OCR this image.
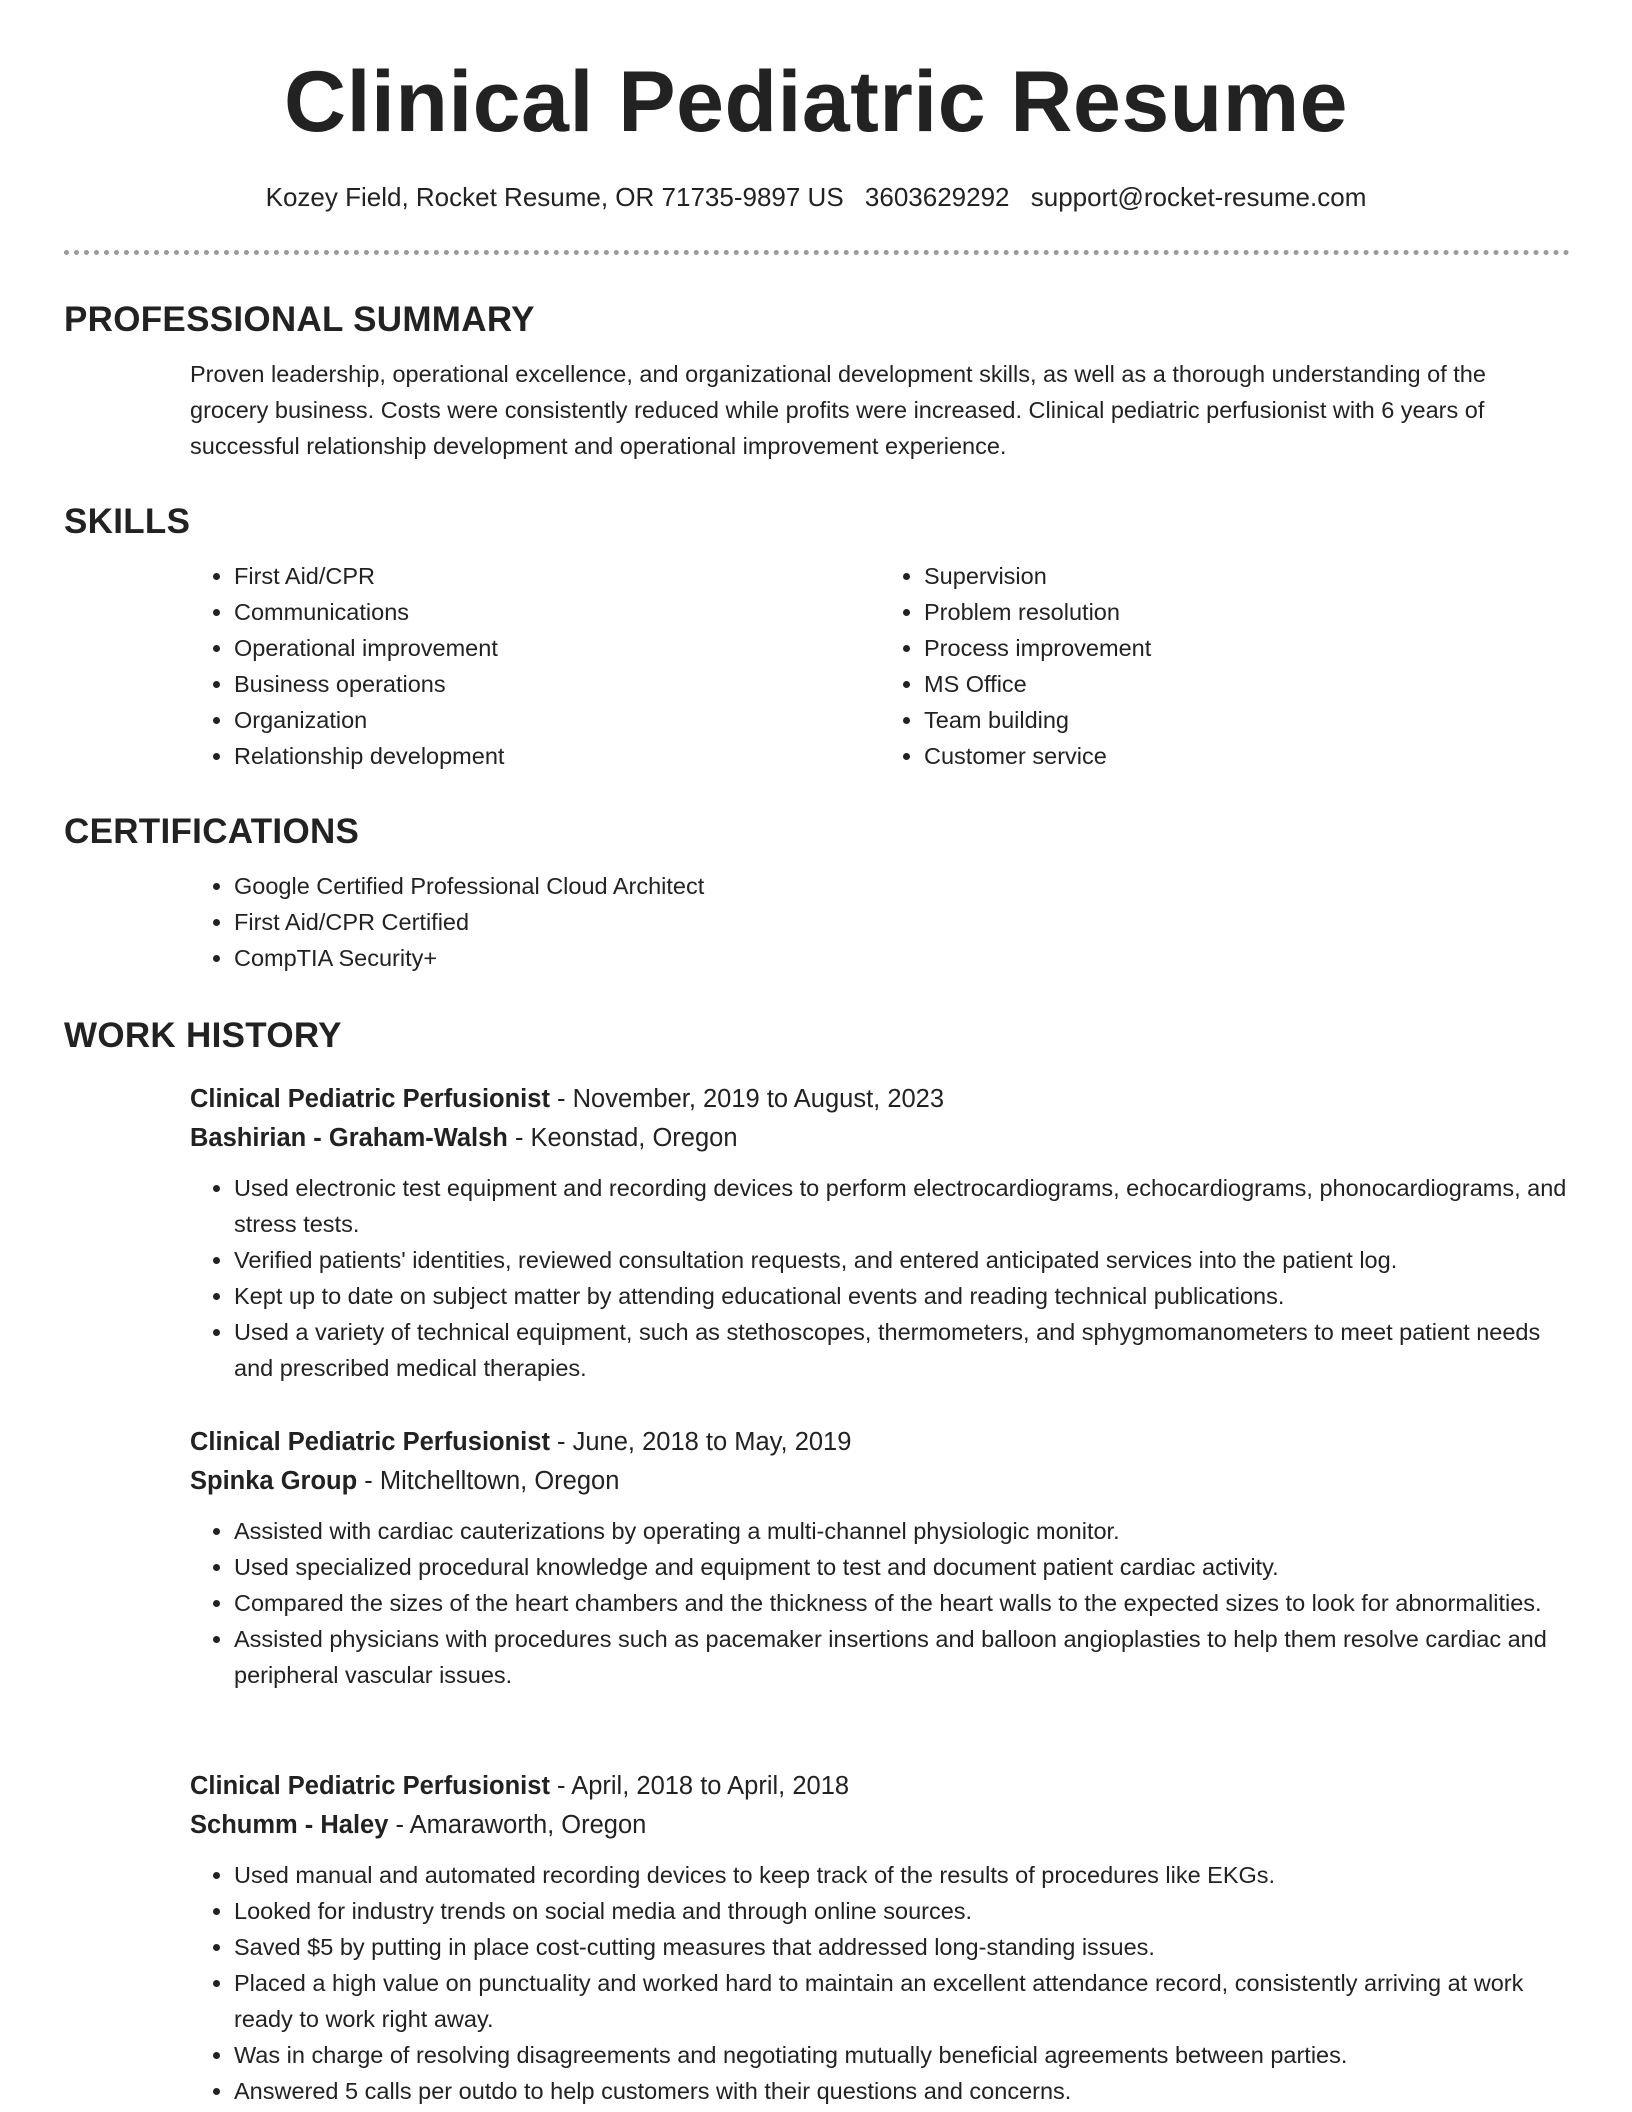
Clinical Pediatric Resume
Kozey Field, Rocket Resume, OR 71735-9897 US 3603629292 support@rocket-resume.com
PROFESSIONAL SUMMARY

Proven leadership, operational excellence, and organizational development skills, as well as a thorough understanding of the grocery business. Costs were consistently reduced while profits were increased. Clinical pediatric perfusionist with 6 years of successful relationship development and operational improvement experience.

SKILLS
• First Aid/CPR
• Communications
• Operational improvement
• Business operations
• Organization
• Relationship development
• Supervision
• Problem resolution
• Process improvement
• MS Office
• Team building
• Customer service
CERTIFICATIONS
• Google Certified Professional Cloud Architect
• First Aid/CPR Certified
• CompTIA Security+
WORK HISTORY
Clinical Pediatric Perfusionist - November, 2019 to August, 2023
Bashirian - Graham-Walsh - Keonstad, Oregon
• Used electronic test equipment and recording devices to perform electrocardiograms, echocardiograms, phonocardiograms, and stress tests.
• Verified patients' identities, reviewed consultation requests, and entered anticipated services into the patient log.
• Kept up to date on subject matter by attending educational events and reading technical publications.
• Used a variety of technical equipment, such as stethoscopes, thermometers, and sphygmomanometers to meet patient needs and prescribed medical therapies.
Clinical Pediatric Perfusionist - June, 2018 to May, 2019
Spinka Group - Mitchelltown, Oregon
• Assisted with cardiac cauterizations by operating a multi-channel physiologic monitor.
• Used specialized procedural knowledge and equipment to test and document patient cardiac activity.
• Compared the sizes of the heart chambers and the thickness of the heart walls to the expected sizes to look for abnormalities.
• Assisted physicians with procedures such as pacemaker insertions and balloon angioplasties to help them resolve cardiac and peripheral vascular issues.
Clinical Pediatric Perfusionist - April, 2018 to April, 2018
Schumm - Haley - Amaraworth, Oregon
• Used manual and automated recording devices to keep track of the results of procedures like EKGs.
• Looked for industry trends on social media and through online sources.
• Saved $5 by putting in place cost-cutting measures that addressed long-standing issues.
• Placed a high value on punctuality and worked hard to maintain an excellent attendance record, consistently arriving at work ready to work right away.
• Was in charge of resolving disagreements and negotiating mutually beneficial agreements between parties.
• Answered 5 calls per outdo to help customers with their questions and concerns.
